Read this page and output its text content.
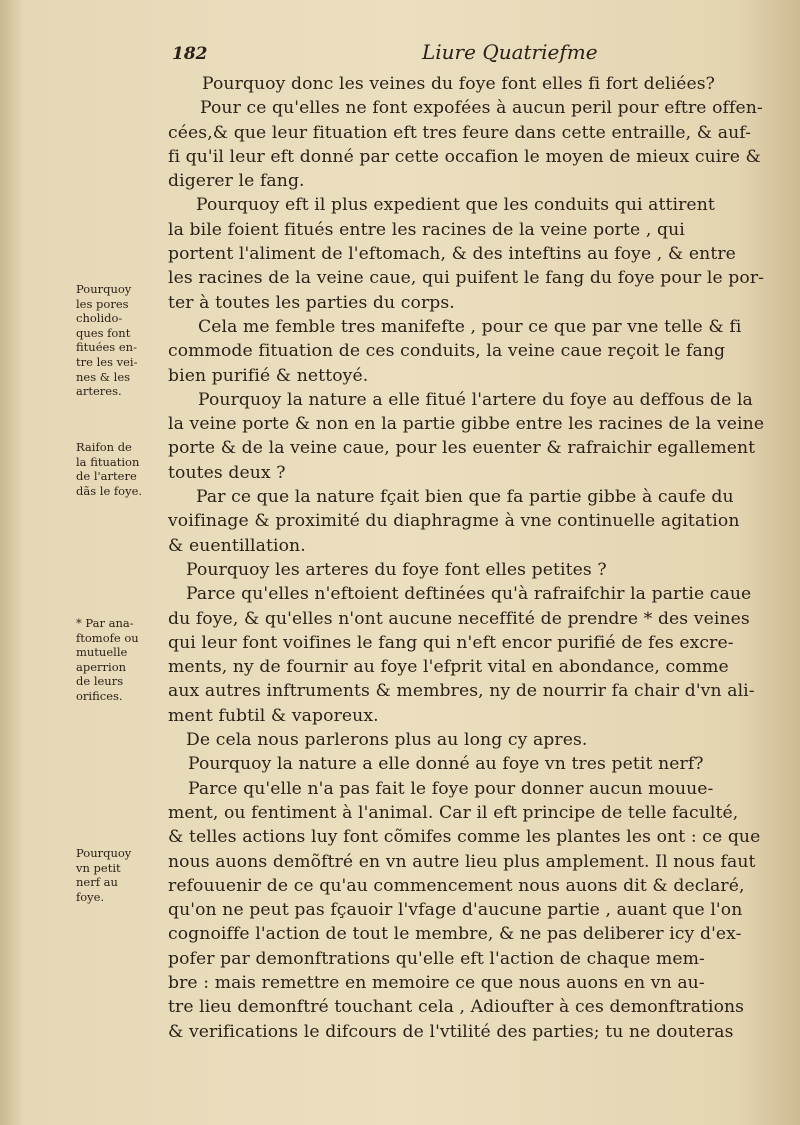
182	Liure Quatriefme
Pourquoy donc les veines du foye font elles fi fort deliées?
Pour ce qu'elles ne font expofées à aucun peril pour eftre offen-
cées,& que leur fituation eft tres feure dans cette entraille, & auf-
fi qu'il leur eft donné par cette occafion le moyen de mieux cuire &
digerer le fang.
Pourquoy eft il plus expedient que les conduits qui attirent
la bile foient fitués entre les racines de la veine porte , qui
portent l'aliment de l'eftomach, & des inteftins au foye , & entre
les racines de la veine caue, qui puifent le fang du foye pour le por-
ter à toutes les parties du corps.
Cela me femble tres manifefte , pour ce que par vne telle & fi
commode fituation de ces conduits, la veine caue reçoit le fang
bien purifié & nettoyé.
Pourquoy la nature a elle fitué l'artere du foye au deffous de la
la veine porte & non en la partie gibbe entre les racines de la veine
porte & de la veine caue, pour les euenter & rafraichir egallement
toutes deux ?
Par ce que la nature fçait bien que fa partie gibbe à caufe du
voifinage & proximité du diaphragme à vne continuelle agitation
& euentillation.
Pourquoy les arteres du foye font elles petites ?
Parce qu'elles n'eftoient deftinées qu'à rafraifchir la partie caue
du foye, & qu'elles n'ont aucune neceffité de prendre * des veines
qui leur font voifines le fang qui n'eft encor purifié de fes excre-
ments, ny de fournir au foye l'efprit vital en abondance, comme
aux autres inftruments & membres, ny de nourrir fa chair d'vn ali-
ment fubtil & vaporeux.
De cela nous parlerons plus au long cy apres.
Pourquoy la nature a elle donné au foye vn tres petit nerf?
Parce qu'elle n'a pas fait le foye pour donner aucun mouue-
ment, ou fentiment à l'animal. Car il eft principe de telle faculté,
& telles actions luy font cõmifes comme les plantes les ont : ce que
nous auons demõftré en vn autre lieu plus amplement. Il nous faut
refouuenir de ce qu'au commencement nous auons dit & declaré,
qu'on ne peut pas fçauoir l'vfage d'aucune partie , auant que l'on
cognoiffe l'action de tout le membre, & ne pas deliberer icy d'ex-
pofer par demonftrations qu'elle eft l'action de chaque mem-
bre : mais remettre en memoire ce que nous auons en vn au-
tre lieu demonftré touchant cela , Adioufter à ces demonftrations
& verifications le difcours de l'vtilité des parties; tu ne douteras
Pourquoy
les pores
cholido-
ques font
fituées en-
tre les vei-
nes & les
arteres.
Raifon de
la fituation
de l'artere
dãs le foye.
* Par ana-
ftomofe ou
mutuelle
aperrion
de leurs
orifices.
Pourquoy
vn petit
nerf au
foye.
